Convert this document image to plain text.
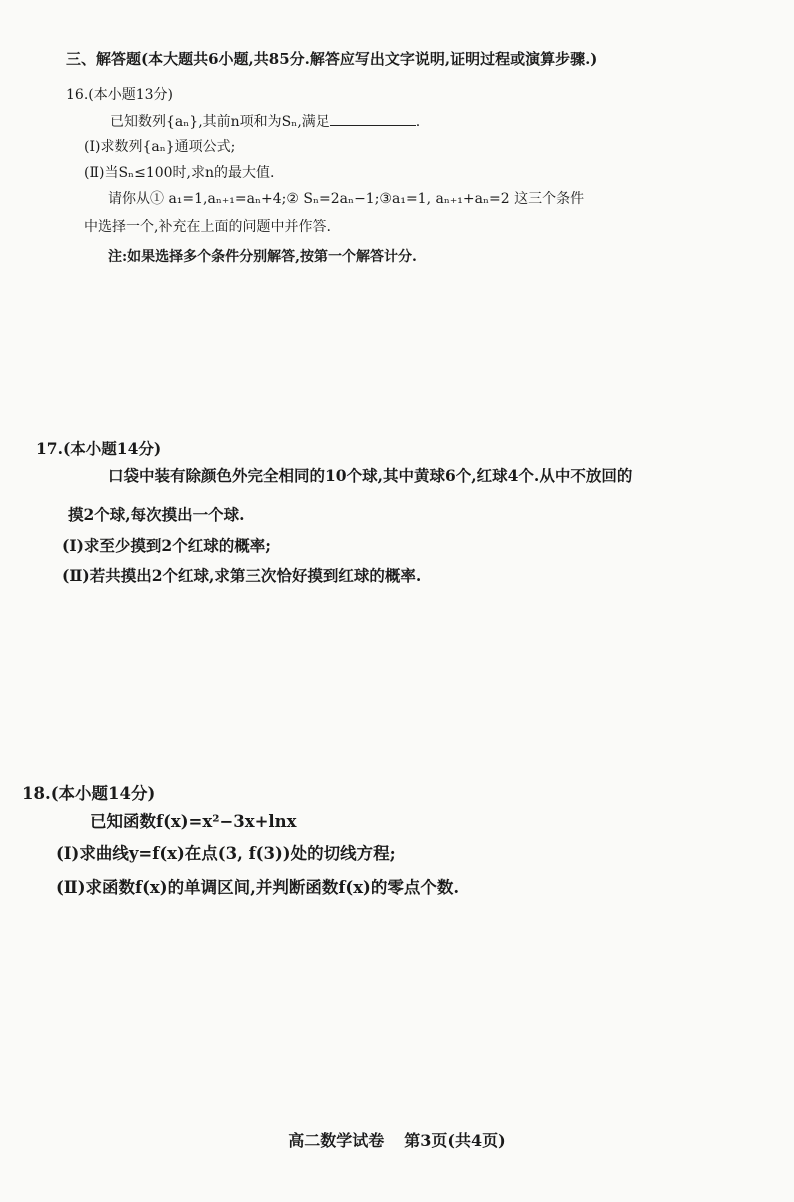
三、解答题(本大题共6小题,共85分.解答应写出文字说明,证明过程或演算步骤.)
16.(本小题13分)
已知数列{aₙ},其前n项和为Sₙ,满足	.
(Ⅰ)求数列{aₙ}通项公式;
(Ⅱ)当Sₙ≤100时,求n的最大值.
请你从① a₁=1,aₙ₊₁=aₙ+4;② Sₙ=2aₙ−1;③a₁=1, aₙ₊₁+aₙ=2 这三个条件
中选择一个,补充在上面的问题中并作答.
注:如果选择多个条件分别解答,按第一个解答计分.
17.(本小题14分)
口袋中装有除颜色外完全相同的10个球,其中黄球6个,红球4个.从中不放回的
摸2个球,每次摸出一个球.
(Ⅰ)求至少摸到2个红球的概率;
(Ⅱ)若共摸出2个红球,求第三次恰好摸到红球的概率.
18.(本小题14分)
已知函数f(x)=x²−3x+lnx
(Ⅰ)求曲线y=f(x)在点(3, f(3))处的切线方程;
(Ⅱ)求函数f(x)的单调区间,并判断函数f(x)的零点个数.
高二数学试卷 第3页(共4页)
